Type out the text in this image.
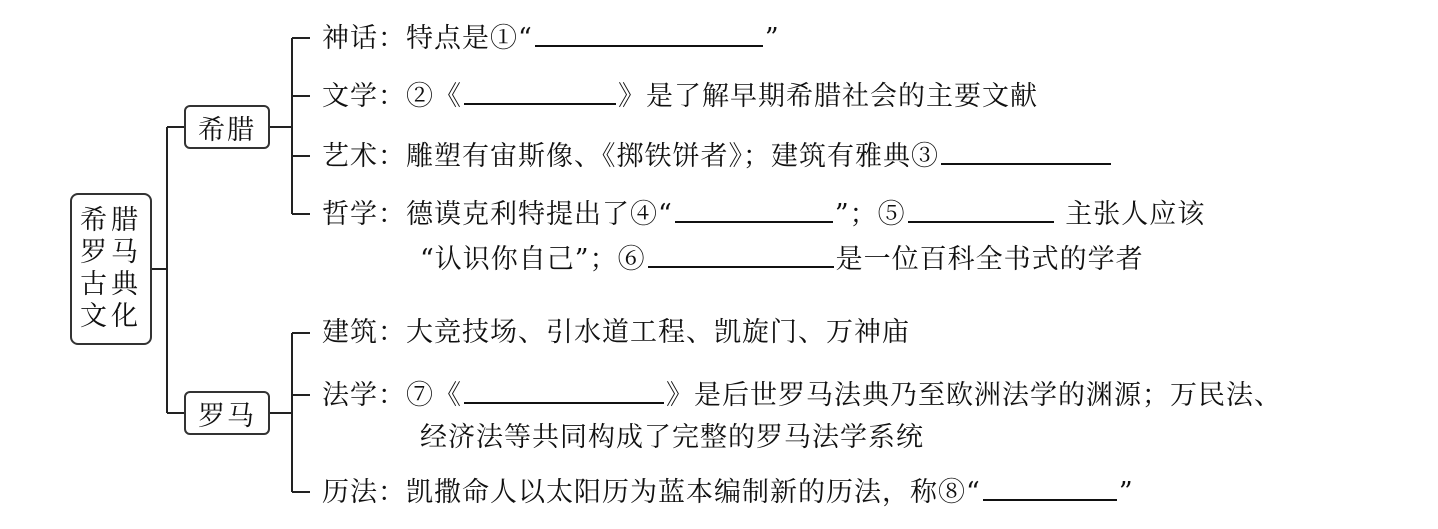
希腊
罗马
古典
文化
希腊
罗马
神话：特点是①“	”
文学：②《	》是了解早期希腊社会的主要文献
艺术：雕塑有宙斯像、《掷铁饼者》；建筑有雅典③
哲学：德谟克利特提出了④“	”；⑤	主张人应该
“认识你自己”；⑥	是一位百科全书式的学者
建筑：大竞技场、引水道工程、凯旋门、万神庙
法学：⑦《	》是后世罗马法典乃至欧洲法学的渊源；万民法、
经济法等共同构成了完整的罗马法学系统
历法：凯撒命人以太阳历为蓝本编制新的历法，称⑧“	”
